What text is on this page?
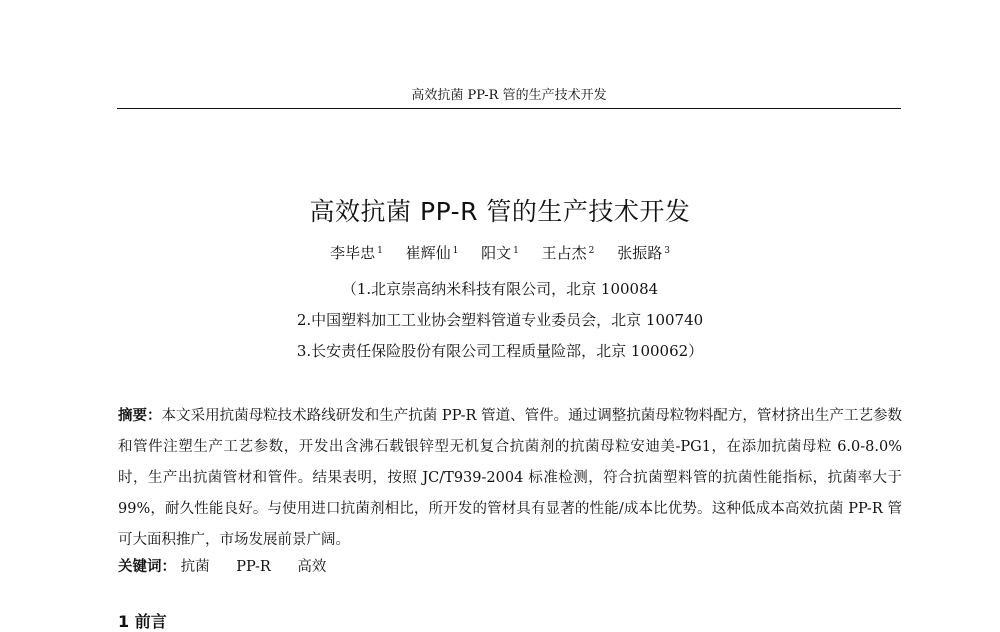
高效抗菌 PP-R 管的生产技术开发
高效抗菌 PP-R 管的生产技术开发
李毕忠 $^1$ 崔辉仙 $^1$ 阳文 $^1$ 王占杰 $^2$ 张振路 $^3$
（1.北京崇高纳米科技有限公司，北京 100084
2.中国塑料加工工业协会塑料管道专业委员会，北京 100740
3.长安责任保险股份有限公司工程质量险部，北京 100062）
摘要：本文采用抗菌母粒技术路线研发和生产抗菌 PP-R 管道、管件。通过调整抗菌母粒物料配方，管材挤出生产工艺参数和管件注塑生产工艺参数，开发出含沸石载银锌型无机复合抗菌剂的抗菌母粒安迪美-PG1，在添加抗菌母粒 6.0-8.0%时，生产出抗菌管材和管件。结果表明，按照 JC/T939-2004 标准检测，符合抗菌塑料管的抗菌性能指标，抗菌率大于 99%，耐久性能良好。与使用进口抗菌剂相比，所开发的管材具有显著的性能/成本比优势。这种低成本高效抗菌 PP-R 管可大面积推广，市场发展前景广阔。
关键词： 抗菌 PP-R 高效
1 前言
